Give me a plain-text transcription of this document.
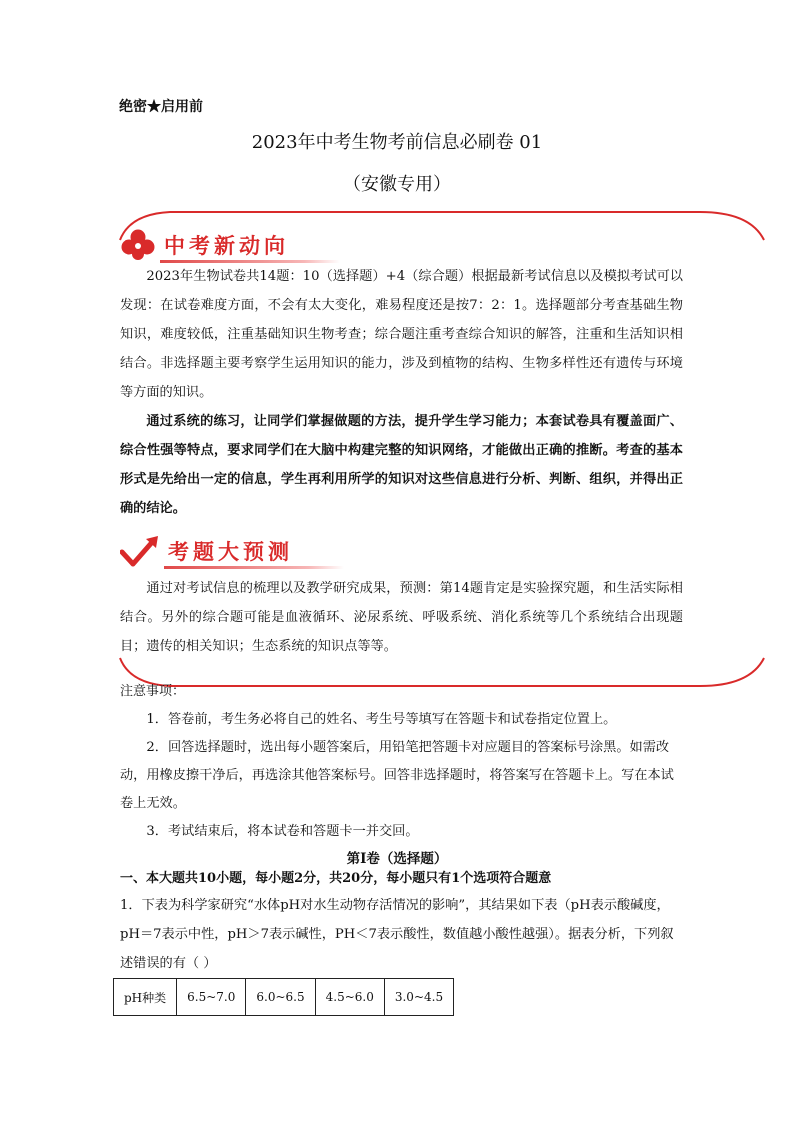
绝密★启用前
2023年中考生物考前信息必刷卷 01
（安徽专用）
中考新动向

2023年生物试卷共14题：10（选择题）+4（综合题）根据最新考试信息以及模拟考试可以发现：在试卷难度方面，不会有太大变化，难易程度还是按7：2：1。选择题部分考查基础生物知识，难度较低，注重基础知识生物考查；综合题注重考查综合知识的解答，注重和生活知识相结合。非选择题主要考察学生运用知识的能力，涉及到植物的结构、生物多样性还有遗传与环境等方面的知识。

通过系统的练习，让同学们掌握做题的方法，提升学生学习能力；本套试卷具有覆盖面广、综合性强等特点，要求同学们在大脑中构建完整的知识网络，才能做出正确的推断。考查的基本形式是先给出一定的信息，学生再利用所学的知识对这些信息进行分析、判断、组织，并得出正确的结论。

考题大预测

通过对考试信息的梳理以及教学研究成果，预测：第14题肯定是实验探究题，和生活实际相结合。另外的综合题可能是血液循环、泌尿系统、呼吸系统、消化系统等几个系统结合出现题目；遗传的相关知识；生态系统的知识点等等。

注意事项：

1．答卷前，考生务必将自己的姓名、考生号等填写在答题卡和试卷指定位置上。

2．回答选择题时，选出每小题答案后，用铅笔把答题卡对应题目的答案标号涂黑。如需改动，用橡皮擦干净后，再选涂其他答案标号。回答非选择题时，将答案写在答题卡上。写在本试卷上无效。

3．考试结束后，将本试卷和答题卡一并交回。

第Ⅰ卷（选择题）
一、本大题共10小题，每小题2分，共20分，每小题只有1个选项符合题意

1．下表为科学家研究“水体pH对水生动物存活情况的影响”，其结果如下表（pH表示酸碱度，pH＝7表示中性，pH＞7表示碱性，PH＜7表示酸性，数值越小酸性越强）。据表分析，下列叙述错误的有（ ）

pH种类	6.5~7.0	6.0~6.5	4.5~6.0	3.0~4.5
